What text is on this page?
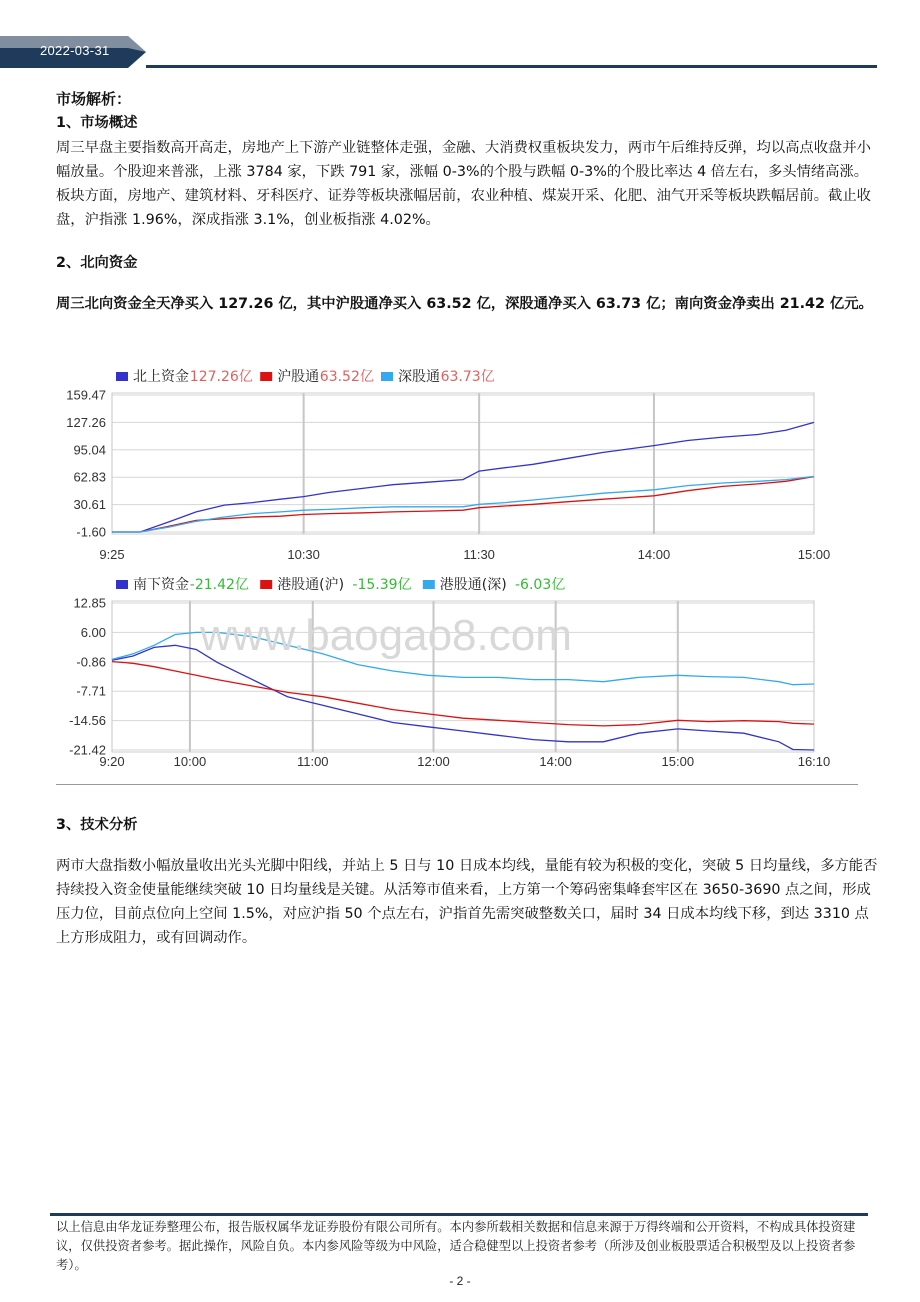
2022-03-31
市场解析：
1、市场概述
周三早盘主要指数高开高走，房地产上下游产业链整体走强，金融、大消费权重板块发力，两市午后维持反弹，均以高点收盘并小幅放量。个股迎来普涨，上涨 3784 家，下跌 791 家，涨幅 0-3%的个股与跌幅 0-3%的个股比率达 4 倍左右，多头情绪高涨。板块方面，房地产、建筑材料、牙科医疗、证券等板块涨幅居前，农业种植、煤炭开采、化肥、油气开采等板块跌幅居前。截止收盘，沪指涨 1.96%，深成指涨 3.1%，创业板指涨 4.02%。
2、北向资金
周三北向资金全天净买入 127.26 亿，其中沪股通净买入 63.52 亿，深股通净买入 63.73 亿；南向资金净卖出 21.42 亿元。
159.47
127.26
95.04
62.83
30.61
-1.60
9:25	10:30	11:30	14:00	15:00
北上资金 127.26亿 沪股通 63.52亿 深股通 63.73亿
12.85
6.00
-0.86
-7.71
-14.56
-21.42
9:20	10:00	11:00	12:00	14:00	15:00	16:10
南下资金 -21.42亿 港股通(沪) -15.39亿 港股通(深) -6.03亿
www.baogao8.com
3、技术分析
两市大盘指数小幅放量收出光头光脚中阳线，并站上 5 日与 10 日成本均线，量能有较为积极的变化，突破 5 日均量线，多方能否持续投入资金使量能继续突破 10 日均量线是关键。从活筹市值来看，上方第一个筹码密集峰套牢区在 3650-3690 点之间，形成压力位，目前点位向上空间 1.5%，对应沪指 50 个点左右，沪指首先需突破整数关口，届时 34 日成本均线下移，到达 3310 点上方形成阻力，或有回调动作。
以上信息由华龙证券整理公布，报告版权属华龙证券股份有限公司所有。本内参所载相关数据和信息来源于万得终端和公开资料，不构成具体投资建议，仅供投资者参考。据此操作，风险自负。本内参风险等级为中风险，适合稳健型以上投资者参考（所涉及创业板股票适合积极型及以上投资者参考）。
- 2 -
